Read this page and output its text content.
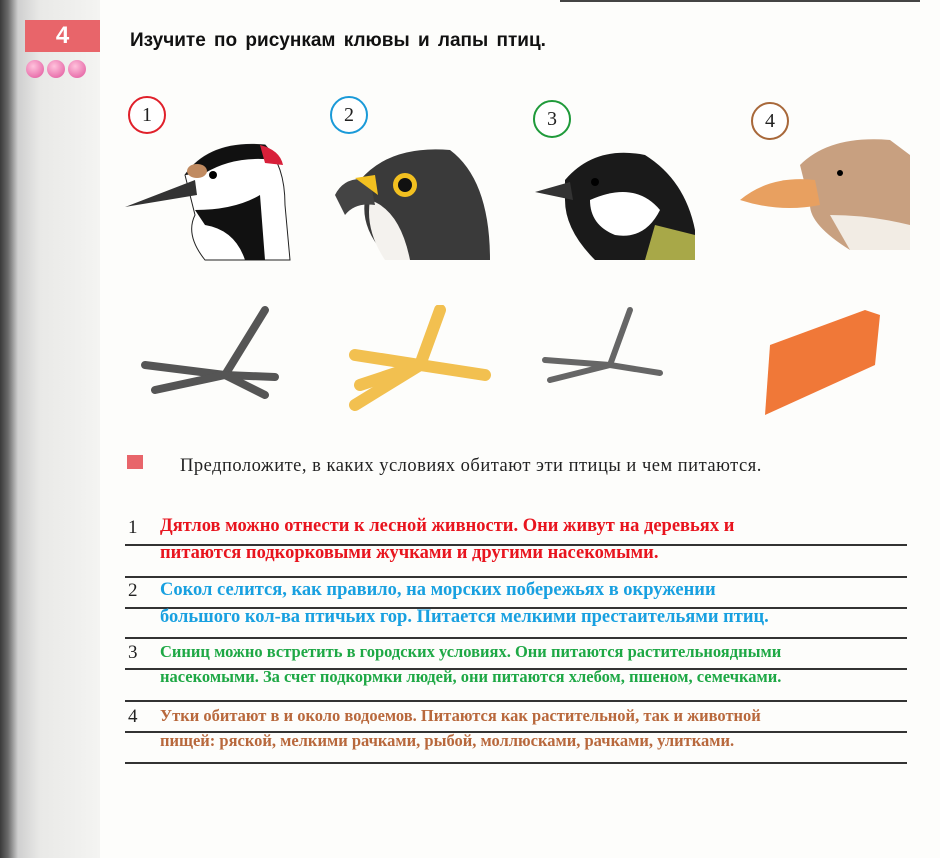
4	Изучите по рисункам клювы и лапы птиц.
1	2	3	4
Предположите, в каких условиях обитают эти птицы и чем питаются.
1 Дятлов можно отнести к лесной живности. Они живут на деревьях и
питаются подкорковыми жучками и другими насекомыми.
2 Сокол селится, как правило, на морских побережьях в окружении
большого кол-ва птичьих гор. Питается мелкими престаительями птиц.
3 Синиц можно встретить в городских условиях. Они питаются растительноядными
насекомыми. За счет подкормки людей, они питаются хлебом, пшеном, семечками.
4 Утки обитают в и около водоемов. Питаются как растительной, так и животной
пищей: ряской, мелкими рачками, рыбой, моллюсками, рачками, улитками.
